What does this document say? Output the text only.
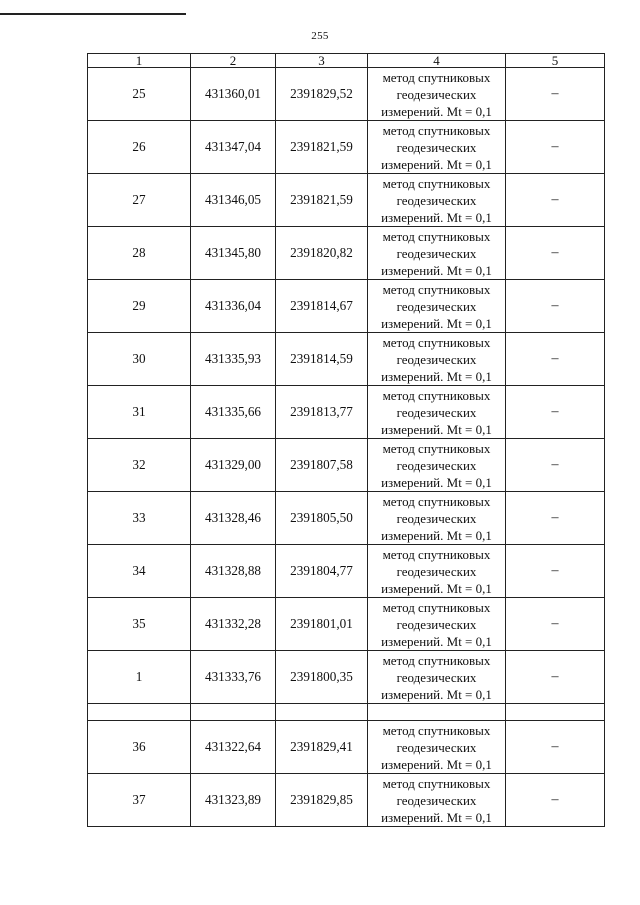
255
1	2	3	4	5
25	431360,01	2391829,52	метод спутниковых
геодезических
измерений. Mt = 0,1	–
26	431347,04	2391821,59	метод спутниковых
геодезических
измерений. Mt = 0,1	–
27	431346,05	2391821,59	метод спутниковых
геодезических
измерений. Mt = 0,1	–
28	431345,80	2391820,82	метод спутниковых
геодезических
измерений. Mt = 0,1	–
29	431336,04	2391814,67	метод спутниковых
геодезических
измерений. Mt = 0,1	–
30	431335,93	2391814,59	метод спутниковых
геодезических
измерений. Mt = 0,1	–
31	431335,66	2391813,77	метод спутниковых
геодезических
измерений. Mt = 0,1	–
32	431329,00	2391807,58	метод спутниковых
геодезических
измерений. Mt = 0,1	–
33	431328,46	2391805,50	метод спутниковых
геодезических
измерений. Mt = 0,1	–
34	431328,88	2391804,77	метод спутниковых
геодезических
измерений. Mt = 0,1	–
35	431332,28	2391801,01	метод спутниковых
геодезических
измерений. Mt = 0,1	–
1	431333,76	2391800,35	метод спутниковых
геодезических
измерений. Mt = 0,1	–

36	431322,64	2391829,41	метод спутниковых
геодезических
измерений. Mt = 0,1	–
37	431323,89	2391829,85	метод спутниковых
геодезических
измерений. Mt = 0,1	–
